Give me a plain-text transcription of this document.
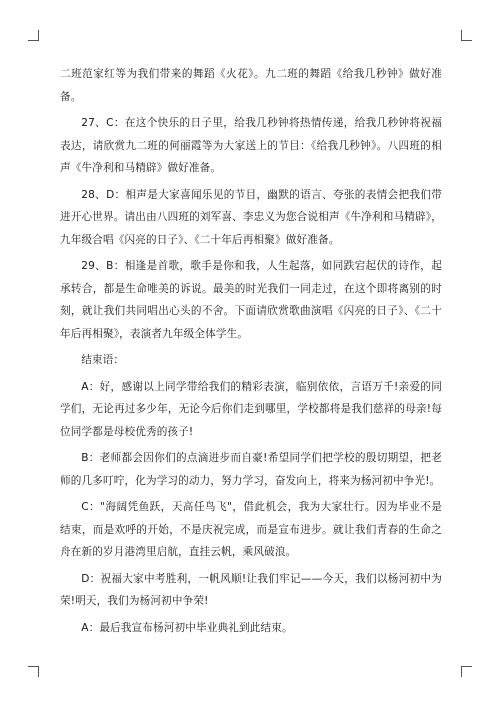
二班范家红等为我们带来的舞蹈《火花》。九二班的舞蹈《给我几秒钟》做好准备。

27、C：在这个快乐的日子里，给我几秒钟将热情传递，给我几秒钟将祝福表达，请欣赏九二班的何丽霞等为大家送上的节目：《给我几秒钟》。八四班的相声《牛净利和马精辟》做好准备。

28、D：相声是大家喜闻乐见的节目，幽默的语言、夸张的表情会把我们带进开心世界。请出由八四班的刘军喜、李忠义为您合说相声《牛净利和马精辟》，九年级合唱《闪亮的日子》、《二十年后再相聚》做好准备。

29、B：相逢是首歌，歌手是你和我，人生起落，如同跌宕起伏的诗作，起承转合，都是生命唯美的诉说。最美的时光我们一同走过，在这个即将离别的时刻，就让我们共同唱出心头的不舍。下面请欣赏歌曲演唱《闪亮的日子》、《二十年后再相聚》，表演者九年级全体学生。

结束语：

A：好，感谢以上同学带给我们的精彩表演，临别依依，言语万千!亲爱的同学们，无论再过多少年，无论今后你们走到哪里，学校都将是我们慈祥的母亲!每位同学都是母校优秀的孩子!

B：老师都会因你们的点滴进步而自豪!希望同学们把学校的殷切期望，把老师的几多叮咛，化为学习的动力，努力学习，奋发向上，将来为杨河初中争光!。

C："海阔凭鱼跃，天高任鸟飞"，借此机会，我为大家壮行。因为毕业不是结束，而是欢呼的开始，不是庆祝完成，而是宣布进步。就让我们青春的生命之舟在新的岁月港湾里启航，直挂云帆，乘风破浪。

D：祝福大家中考胜利，一帆风顺!让我们牢记——今天，我们以杨河初中为荣!明天，我们为杨河初中争荣!

A：最后我宣布杨河初中毕业典礼到此结束。
